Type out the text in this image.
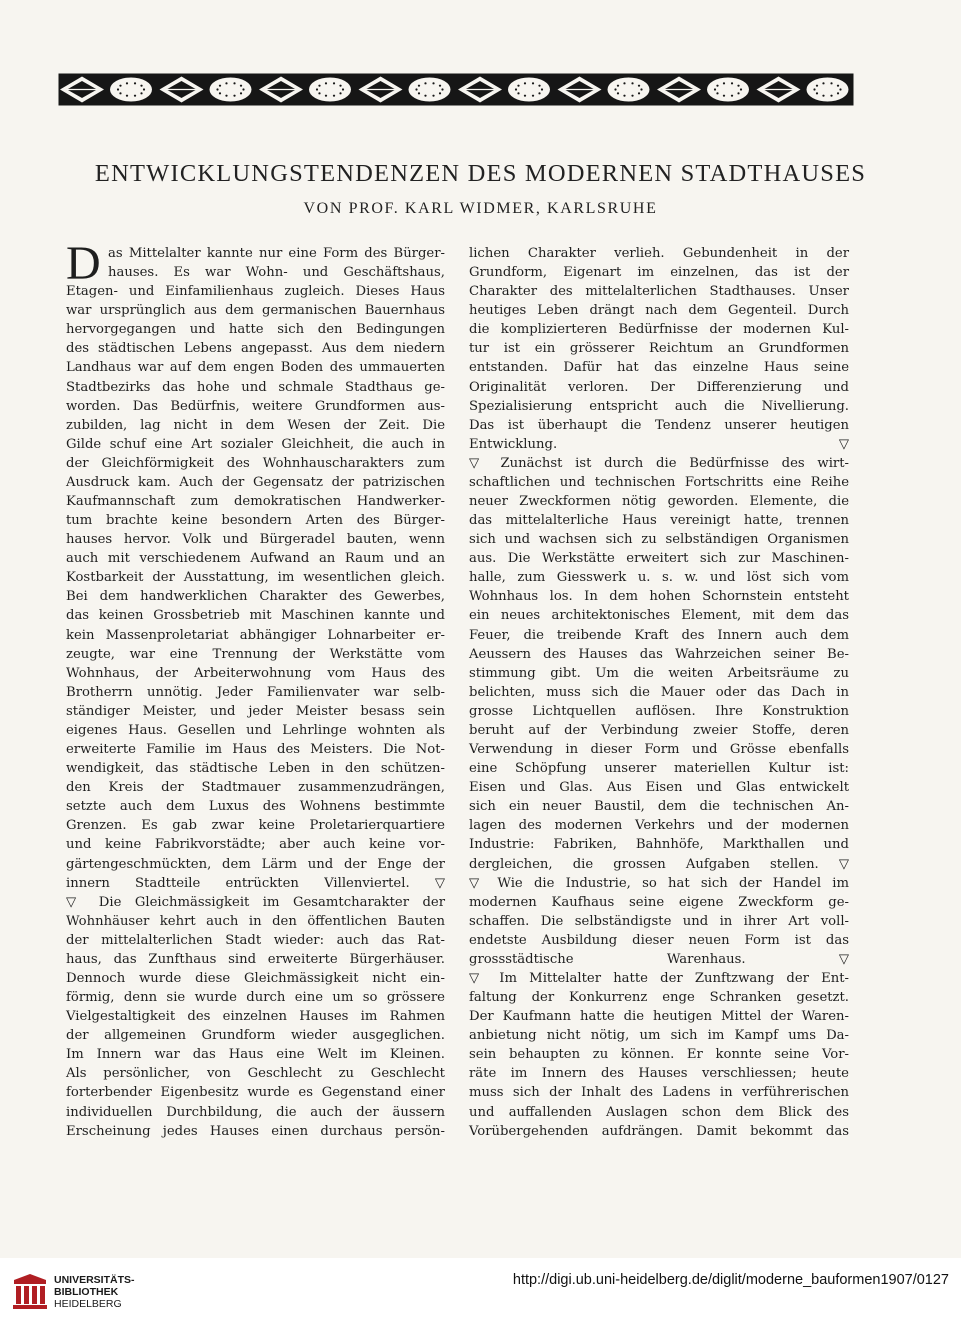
ENTWICKLUNGSTENDENZEN DES MODERNEN STADTHAUSES
VON PROF. KARL WIDMER, KARLSRUHE
D as Mittelalter kannte nur eine Form des Bürger-
hauses. Es war Wohn- und Geschäftshaus,
Etagen- und Einfamilienhaus zugleich. Dieses Haus
war ursprünglich aus dem germanischen Bauernhaus
hervorgegangen und hatte sich den Bedingungen
des städtischen Lebens angepasst. Aus dem niedern
Landhaus war auf dem engen Boden des ummauerten
Stadtbezirks das hohe und schmale Stadthaus ge-
worden. Das Bedürfnis, weitere Grundformen aus-
zubilden, lag nicht in dem Wesen der Zeit. Die
Gilde schuf eine Art sozialer Gleichheit, die auch in
der Gleichförmigkeit des Wohnhauscharakters zum
Ausdruck kam. Auch der Gegensatz der patrizischen
Kaufmannschaft zum demokratischen Handwerker-
tum brachte keine besondern Arten des Bürger-
hauses hervor. Volk und Bürgeradel bauten, wenn
auch mit verschiedenem Aufwand an Raum und an
Kostbarkeit der Ausstattung, im wesentlichen gleich.
Bei dem handwerklichen Charakter des Gewerbes,
das keinen Grossbetrieb mit Maschinen kannte und
kein Massenproletariat abhängiger Lohnarbeiter er-
zeugte, war eine Trennung der Werkstätte vom
Wohnhaus, der Arbeiterwohnung vom Haus des
Brotherrn unnötig. Jeder Familienvater war selb-
ständiger Meister, und jeder Meister besass sein
eigenes Haus. Gesellen und Lehrlinge wohnten als
erweiterte Familie im Haus des Meisters. Die Not-
wendigkeit, das städtische Leben in den schützen-
den Kreis der Stadtmauer zusammenzudrängen,
setzte auch dem Luxus des Wohnens bestimmte
Grenzen. Es gab zwar keine Proletarierquartiere
und keine Fabrikvorstädte; aber auch keine vor-
gärtengeschmückten, dem Lärm und der Enge der
innern Stadtteile entrückten Villenviertel. ▽
▽ Die Gleichmässigkeit im Gesamtcharakter der
Wohnhäuser kehrt auch in den öffentlichen Bauten
der mittelalterlichen Stadt wieder: auch das Rat-
haus, das Zunfthaus sind erweiterte Bürgerhäuser.
Dennoch wurde diese Gleichmässigkeit nicht ein-
förmig, denn sie wurde durch eine um so grössere
Vielgestaltigkeit des einzelnen Hauses im Rahmen
der allgemeinen Grundform wieder ausgeglichen.
Im Innern war das Haus eine Welt im Kleinen.
Als persönlicher, von Geschlecht zu Geschlecht
forterbender Eigenbesitz wurde es Gegenstand einer
individuellen Durchbildung, die auch der äussern
Erscheinung jedes Hauses einen durchaus persön-
lichen Charakter verlieh. Gebundenheit in der
Grundform, Eigenart im einzelnen, das ist der
Charakter des mittelalterlichen Stadthauses. Unser
heutiges Leben drängt nach dem Gegenteil. Durch
die komplizierteren Bedürfnisse der modernen Kul-
tur ist ein grösserer Reichtum an Grundformen
entstanden. Dafür hat das einzelne Haus seine
Originalität verloren. Der Differenzierung und
Spezialisierung entspricht auch die Nivellierung.
Das ist überhaupt die Tendenz unserer heutigen
Entwicklung. ▽
▽ Zunächst ist durch die Bedürfnisse des wirt-
schaftlichen und technischen Fortschritts eine Reihe
neuer Zweckformen nötig geworden. Elemente, die
das mittelalterliche Haus vereinigt hatte, trennen
sich und wachsen sich zu selbständigen Organismen
aus. Die Werkstätte erweitert sich zur Maschinen-
halle, zum Giesswerk u. s. w. und löst sich vom
Wohnhaus los. In dem hohen Schornstein entsteht
ein neues architektonisches Element, mit dem das
Feuer, die treibende Kraft des Innern auch dem
Aeussern des Hauses das Wahrzeichen seiner Be-
stimmung gibt. Um die weiten Arbeitsräume zu
belichten, muss sich die Mauer oder das Dach in
grosse Lichtquellen auflösen. Ihre Konstruktion
beruht auf der Verbindung zweier Stoffe, deren
Verwendung in dieser Form und Grösse ebenfalls
eine Schöpfung unserer materiellen Kultur ist:
Eisen und Glas. Aus Eisen und Glas entwickelt
sich ein neuer Baustil, dem die technischen An-
lagen des modernen Verkehrs und der modernen
Industrie: Fabriken, Bahnhöfe, Markthallen und
dergleichen, die grossen Aufgaben stellen. ▽
▽ Wie die Industrie, so hat sich der Handel im
modernen Kaufhaus seine eigene Zweckform ge-
schaffen. Die selbständigste und in ihrer Art voll-
endetste Ausbildung dieser neuen Form ist das
grossstädtische Warenhaus. ▽
▽ Im Mittelalter hatte der Zunftzwang der Ent-
faltung der Konkurrenz enge Schranken gesetzt.
Der Kaufmann hatte die heutigen Mittel der Waren-
anbietung nicht nötig, um sich im Kampf ums Da-
sein behaupten zu können. Er konnte seine Vor-
räte im Innern des Hauses verschliessen; heute
muss sich der Inhalt des Ladens in verführerischen
und auffallenden Auslagen schon dem Blick des
Vorübergehenden aufdrängen. Damit bekommt das
UNIVERSITÄTS-
BIBLIOTHEK
HEIDELBERG
http://digi.ub.uni-heidelberg.de/diglit/moderne_bauformen1907/0127
